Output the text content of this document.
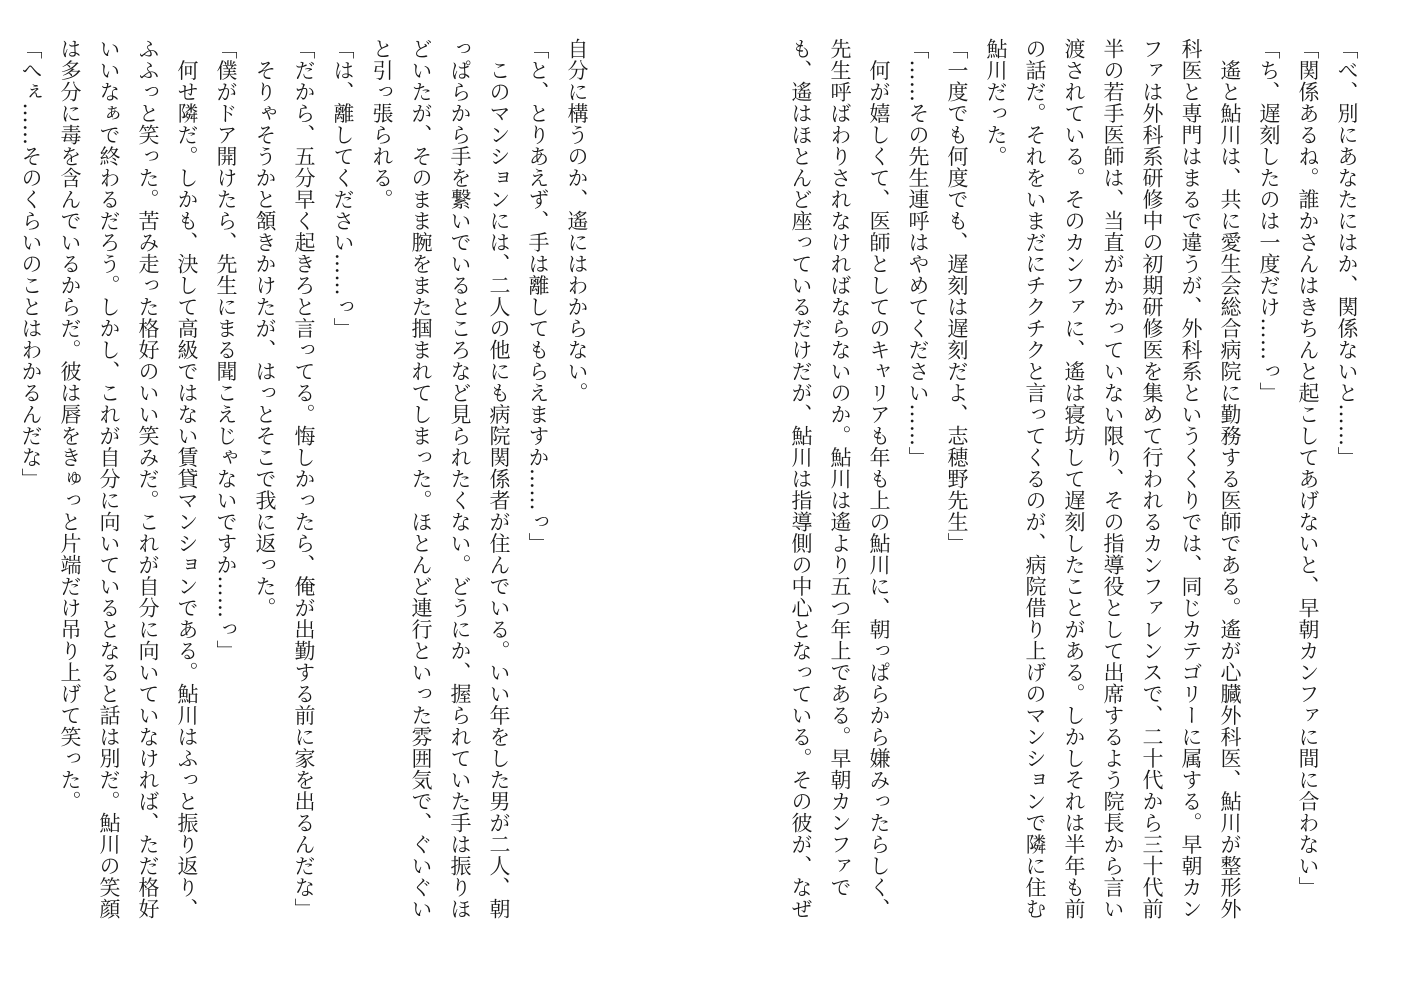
「べ、別にあなたにはか、関係ないと……」
「関係あるね。誰かさんはきちんと起こしてあげないと、早朝カンファに間に合わない」
「ち、遅刻したのは一度だけ……っ」
　遙と鮎川は、共に愛生会総合病院に勤務する医師である。遙が心臓外科医、鮎川が整形外
科医と専門はまるで違うが、外科系というくくりでは、同じカテゴリーに属する。早朝カン
ファは外科系研修中の初期研修医を集めて行われるカンファレンスで、二十代から三十代前
半の若手医師は、当直がかかっていない限り、その指導役として出席するよう院長から言い
渡されている。そのカンファに、遙は寝坊して遅刻したことがある。しかしそれは半年も前
の話だ。それをいまだにチクチクと言ってくるのが、病院借り上げのマンションで隣に住む
鮎川だった。
「一度でも何度でも、遅刻は遅刻だよ、志穂野先生」
「……その先生連呼はやめてください……」
　何が嬉しくて、医師としてのキャリアも年も上の鮎川に、朝っぱらから嫌みったらしく、
先生呼ばわりされなければならないのか。鮎川は遙より五つ年上である。早朝カンファで
も、遙はほとんど座っているだけだが、鮎川は指導側の中心となっている。その彼が、なぜ
自分に構うのか、遙にはわからない。
「と、とりあえず、手は離してもらえますか……っ」
　このマンションには、二人の他にも病院関係者が住んでいる。いい年をした男が二人、朝
っぱらから手を繋いでいるところなど見られたくない。どうにか、握られていた手は振りほ
どいたが、そのまま腕をまた掴まれてしまった。ほとんど連行といった雰囲気で、ぐいぐい
と引っ張られる。
「は、離してください……っ」
「だから、五分早く起きろと言ってる。悔しかったら、俺が出勤する前に家を出るんだな」
　そりゃそうかと頷きかけたが、はっとそこで我に返った。
「僕がドア開けたら、先生にまる聞こえじゃないですか……っ」
　何せ隣だ。しかも、決して高級ではない賃貸マンションである。鮎川はふっと振り返り、
ふふっと笑った。苦み走った格好のいい笑みだ。これが自分に向いていなければ、ただ格好
いいなぁで終わるだろう。しかし、これが自分に向いているとなると話は別だ。鮎川の笑顔
は多分に毒を含んでいるからだ。彼は唇をきゅっと片端だけ吊り上げて笑った。
「へぇ……そのくらいのことはわかるんだな」
